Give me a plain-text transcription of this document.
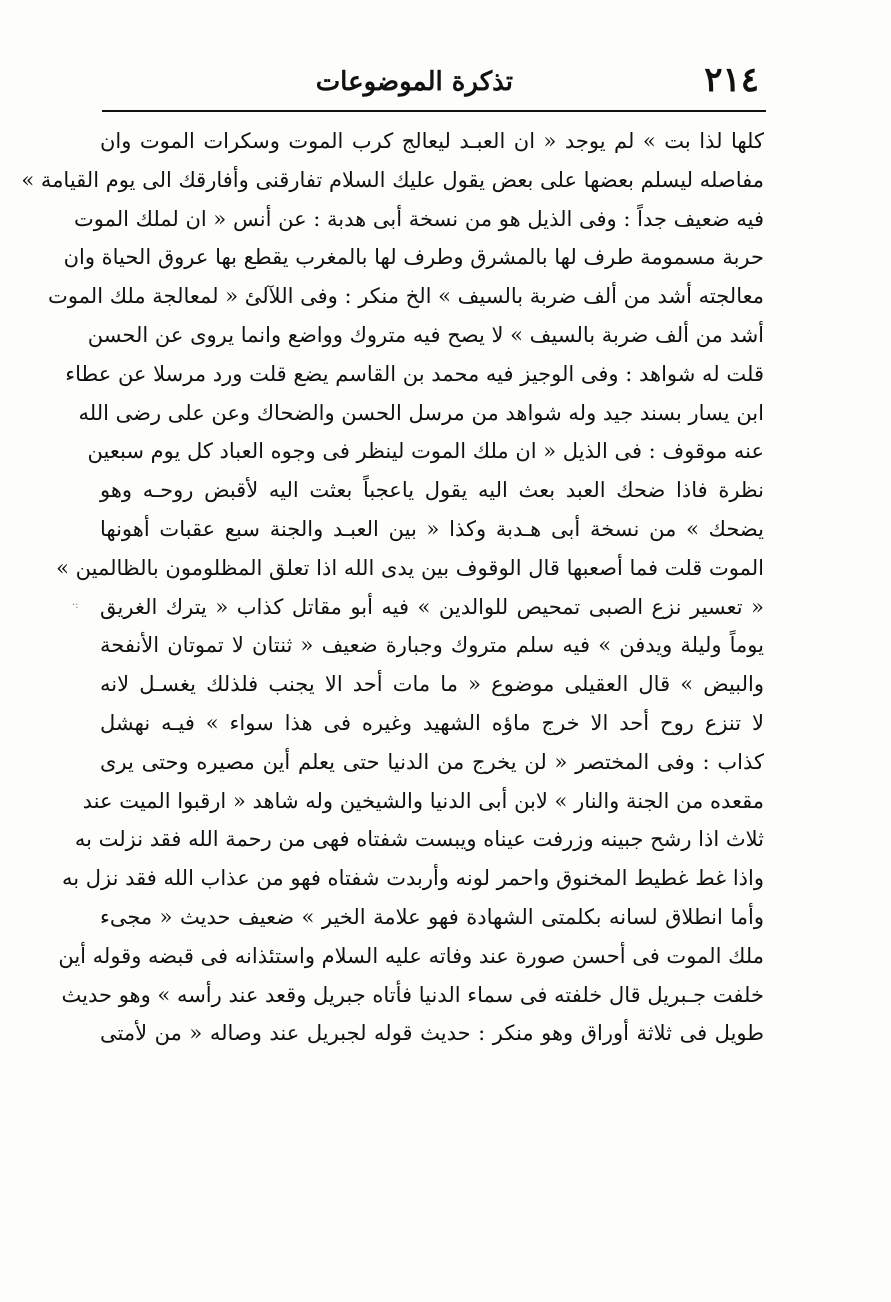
٢١٤
تذكرة الموضوعات
·:
كلها لذا بت » لم يوجد « ان العبـد ليعالج كرب الموت وسكرات الموت وان
مفاصله ليسلم بعضها على بعض يقول عليك السلام تفارقنى وأفارقك الى يوم القيامة »
فيه ضعيف جداً : وفى الذيل هو من نسخة أبى هدبة : عن أنس « ان لملك الموت
حربة مسمومة طرف لها بالمشرق وطرف لها بالمغرب يقطع بها عروق الحياة وان
معالجته أشد من ألف ضربة بالسيف » الخ منكر : وفى اللآلئ « لمعالجة ملك الموت
أشد من ألف ضربة بالسيف » لا يصح فيه متروك وواضع وانما يروى عن الحسن
قلت له شواهد : وفى الوجيز فيه محمد بن القاسم يضع قلت ورد مرسلا عن عطاء
ابن يسار بسند جيد وله شواهد من مرسل الحسن والضحاك وعن على رضى الله
عنه موقوف : فى الذيل « ان ملك الموت لينظر فى وجوه العباد كل يوم سبعين
نظرة فاذا ضحك العبد بعث اليه يقول ياعجباً بعثت اليه لأقبض روحـه وهو
يضحك » من نسخة أبى هـدبة وكذا « بين العبـد والجنة سبع عقبات أهونها
الموت قلت فما أصعبها قال الوقوف بين يدى الله اذا تعلق المظلومون بالظالمين »
« تعسير نزع الصبى تمحيص للوالدين » فيه أبو مقاتل كذاب « يترك الغريق
يوماً وليلة ويدفن » فيه سلم متروك وجبارة ضعيف « ثنتان لا تموتان الأنفحة
والبيض » قال العقيلى موضوع « ما مات أحد الا يجنب فلذلك يغسـل لانه
لا تنزع روح أحد الا خرج ماؤه الشهيد وغيره فى هذا سواء » فيـه نهشل
كذاب : وفى المختصر « لن يخرج من الدنيا حتى يعلم أين مصيره وحتى يرى
مقعده من الجنة والنار » لابن أبى الدنيا والشيخين وله شاهد « ارقبوا الميت عند
ثلاث اذا رشح جبينه وزرفت عيناه ويبست شفتاه فهى من رحمة الله فقد نزلت به
واذا غط غطيط المخنوق واحمر لونه وأربدت شفتاه فهو من عذاب الله فقد نزل به
وأما انطلاق لسانه بكلمتى الشهادة فهو علامة الخير » ضعيف حديث « مجىء
ملك الموت فى أحسن صورة عند وفاته عليه السلام واستئذانه فى قبضه وقوله أين
خلفت جـبريل قال خلفته فى سماء الدنيا فأتاه جبريل وقعد عند رأسه » وهو حديث
طويل فى ثلاثة أوراق وهو منكر : حديث قوله لجبريل عند وصاله « من لأمتى
